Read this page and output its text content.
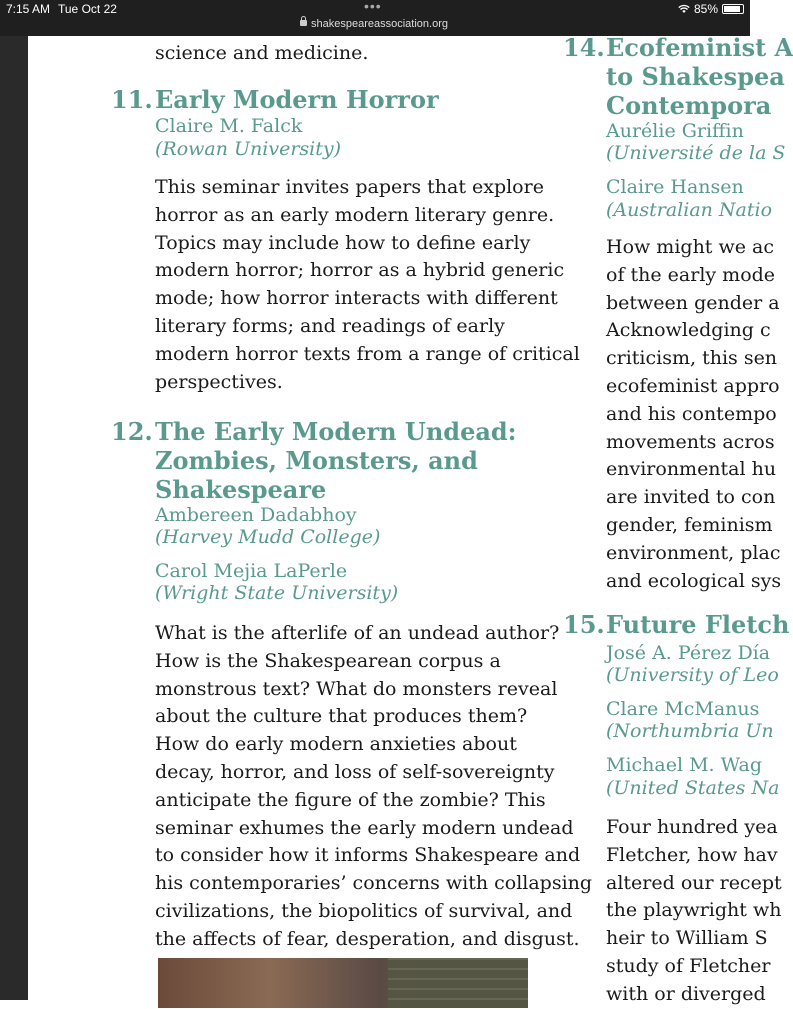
7:15 AM Tue Oct 22	•••
shakespeareassociation.org
85%
science and medicine.
11. Early Modern Horror
Claire M. Falck
(Rowan University)
This seminar invites papers that explore
horror as an early modern literary genre.
Topics may include how to define early
modern horror; horror as a hybrid generic
mode; how horror interacts with different
literary forms; and readings of early
modern horror texts from a range of critical
perspectives.
12. The Early Modern Undead:
Zombies, Monsters, and
Shakespeare
Ambereen Dadabhoy
(Harvey Mudd College)
Carol Mejia LaPerle
(Wright State University)
What is the afterlife of an undead author?
How is the Shakespearean corpus a
monstrous text? What do monsters reveal
about the culture that produces them?
How do early modern anxieties about
decay, horror, and loss of self-sovereignty
anticipate the figure of the zombie? This
seminar exhumes the early modern undead
to consider how it informs Shakespeare and
his contemporaries’ concerns with collapsing
civilizations, the biopolitics of survival, and
the affects of fear, desperation, and disgust.
14. Ecofeminist A
to Shakespea
Contempora
Aurélie Griffin
(Université de la S
Claire Hansen
(Australian Natio
How might we ac
of the early mode
between gender a
Acknowledging c
criticism, this sen
ecofeminist appro
and his contempo
movements acros
environmental hu
are invited to con
gender, feminism
environment, plac
and ecological sys
15. Future Fletch
José A. Pérez Día
(University of Leo
Clare McManus
(Northumbria Un
Michael M. Wag
(United States Na
Four hundred yea
Fletcher, how hav
altered our recept
the playwright wh
heir to William S
study of Fletcher
with or diverged
